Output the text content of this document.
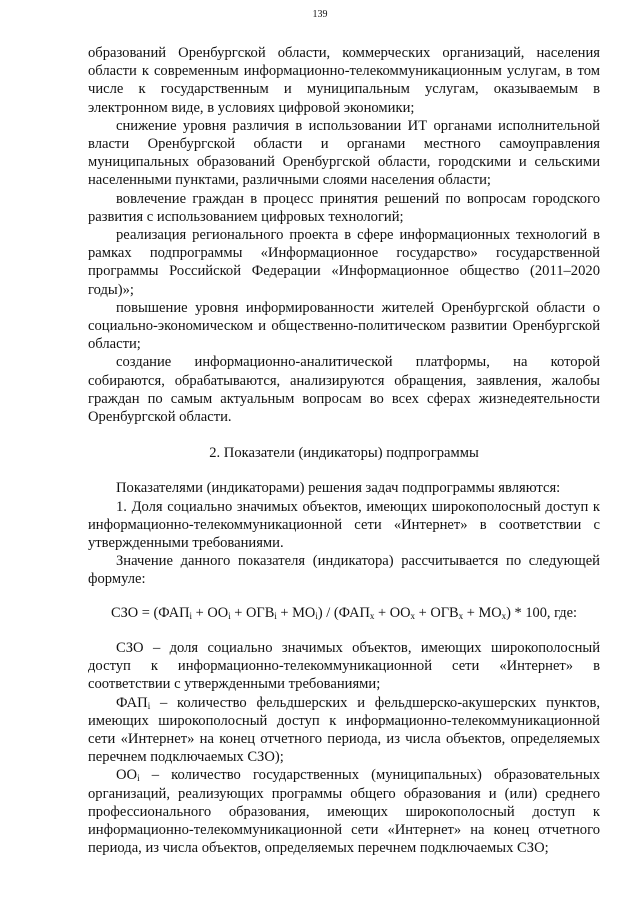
139

образований Оренбургской области, коммерческих организаций, населения области к современным информационно-телекоммуникационным услугам, в том числе к государственным и муниципальным услугам, оказываемым в электронном виде, в условиях цифровой экономики;

снижение уровня различия в использовании ИТ органами исполнительной власти Оренбургской области и органами местного самоуправления муниципальных образований Оренбургской области, городскими и сельскими населенными пунктами, различными слоями населения области;

вовлечение граждан в процесс принятия решений по вопросам городского развития с использованием цифровых технологий;

реализация регионального проекта в сфере информационных технологий в рамках подпрограммы «Информационное государство» государственной программы Российской Федерации «Информационное общество (2011–2020 годы)»;

повышение уровня информированности жителей Оренбургской области о социально-экономическом и общественно-политическом развитии Оренбургской области;

создание информационно-аналитической платформы, на которой собираются, обрабатываются, анализируются обращения, заявления, жалобы граждан по самым актуальным вопросам во всех сферах жизнедеятельности Оренбургской области.

2. Показатели (индикаторы) подпрограммы

Показателями (индикаторами) решения задач подпрограммы являются:

1. Доля социально значимых объектов, имеющих широкополосный доступ к информационно-телекоммуникационной сети «Интернет» в соответствии с утвержденными требованиями.

Значение данного показателя (индикатора) рассчитывается по следующей формуле:

СЗО = $(ФАП_i + ОО_i + ОГВ_i + МО_i) / (ФАП_x + ОО_x + ОГВ_x + МО_x) * 100$, где:

СЗО – доля социально значимых объектов, имеющих широкополосный доступ к информационно-телекоммуникационной сети «Интернет» в соответствии с утвержденными требованиями;

$ФАП_i$ – количество фельдшерских и фельдшерско-акушерских пунктов, имеющих широкополосный доступ к информационно-телекоммуникационной сети «Интернет» на конец отчетного периода, из числа объектов, определяемых перечнем подключаемых СЗО);

$ОО_i$ – количество государственных (муниципальных) образовательных организаций, реализующих программы общего образования и (или) среднего профессионального образования, имеющих широкополосный доступ к информационно-телекоммуникационной сети «Интернет» на конец отчетного периода, из числа объектов, определяемых перечнем подключаемых СЗО;
